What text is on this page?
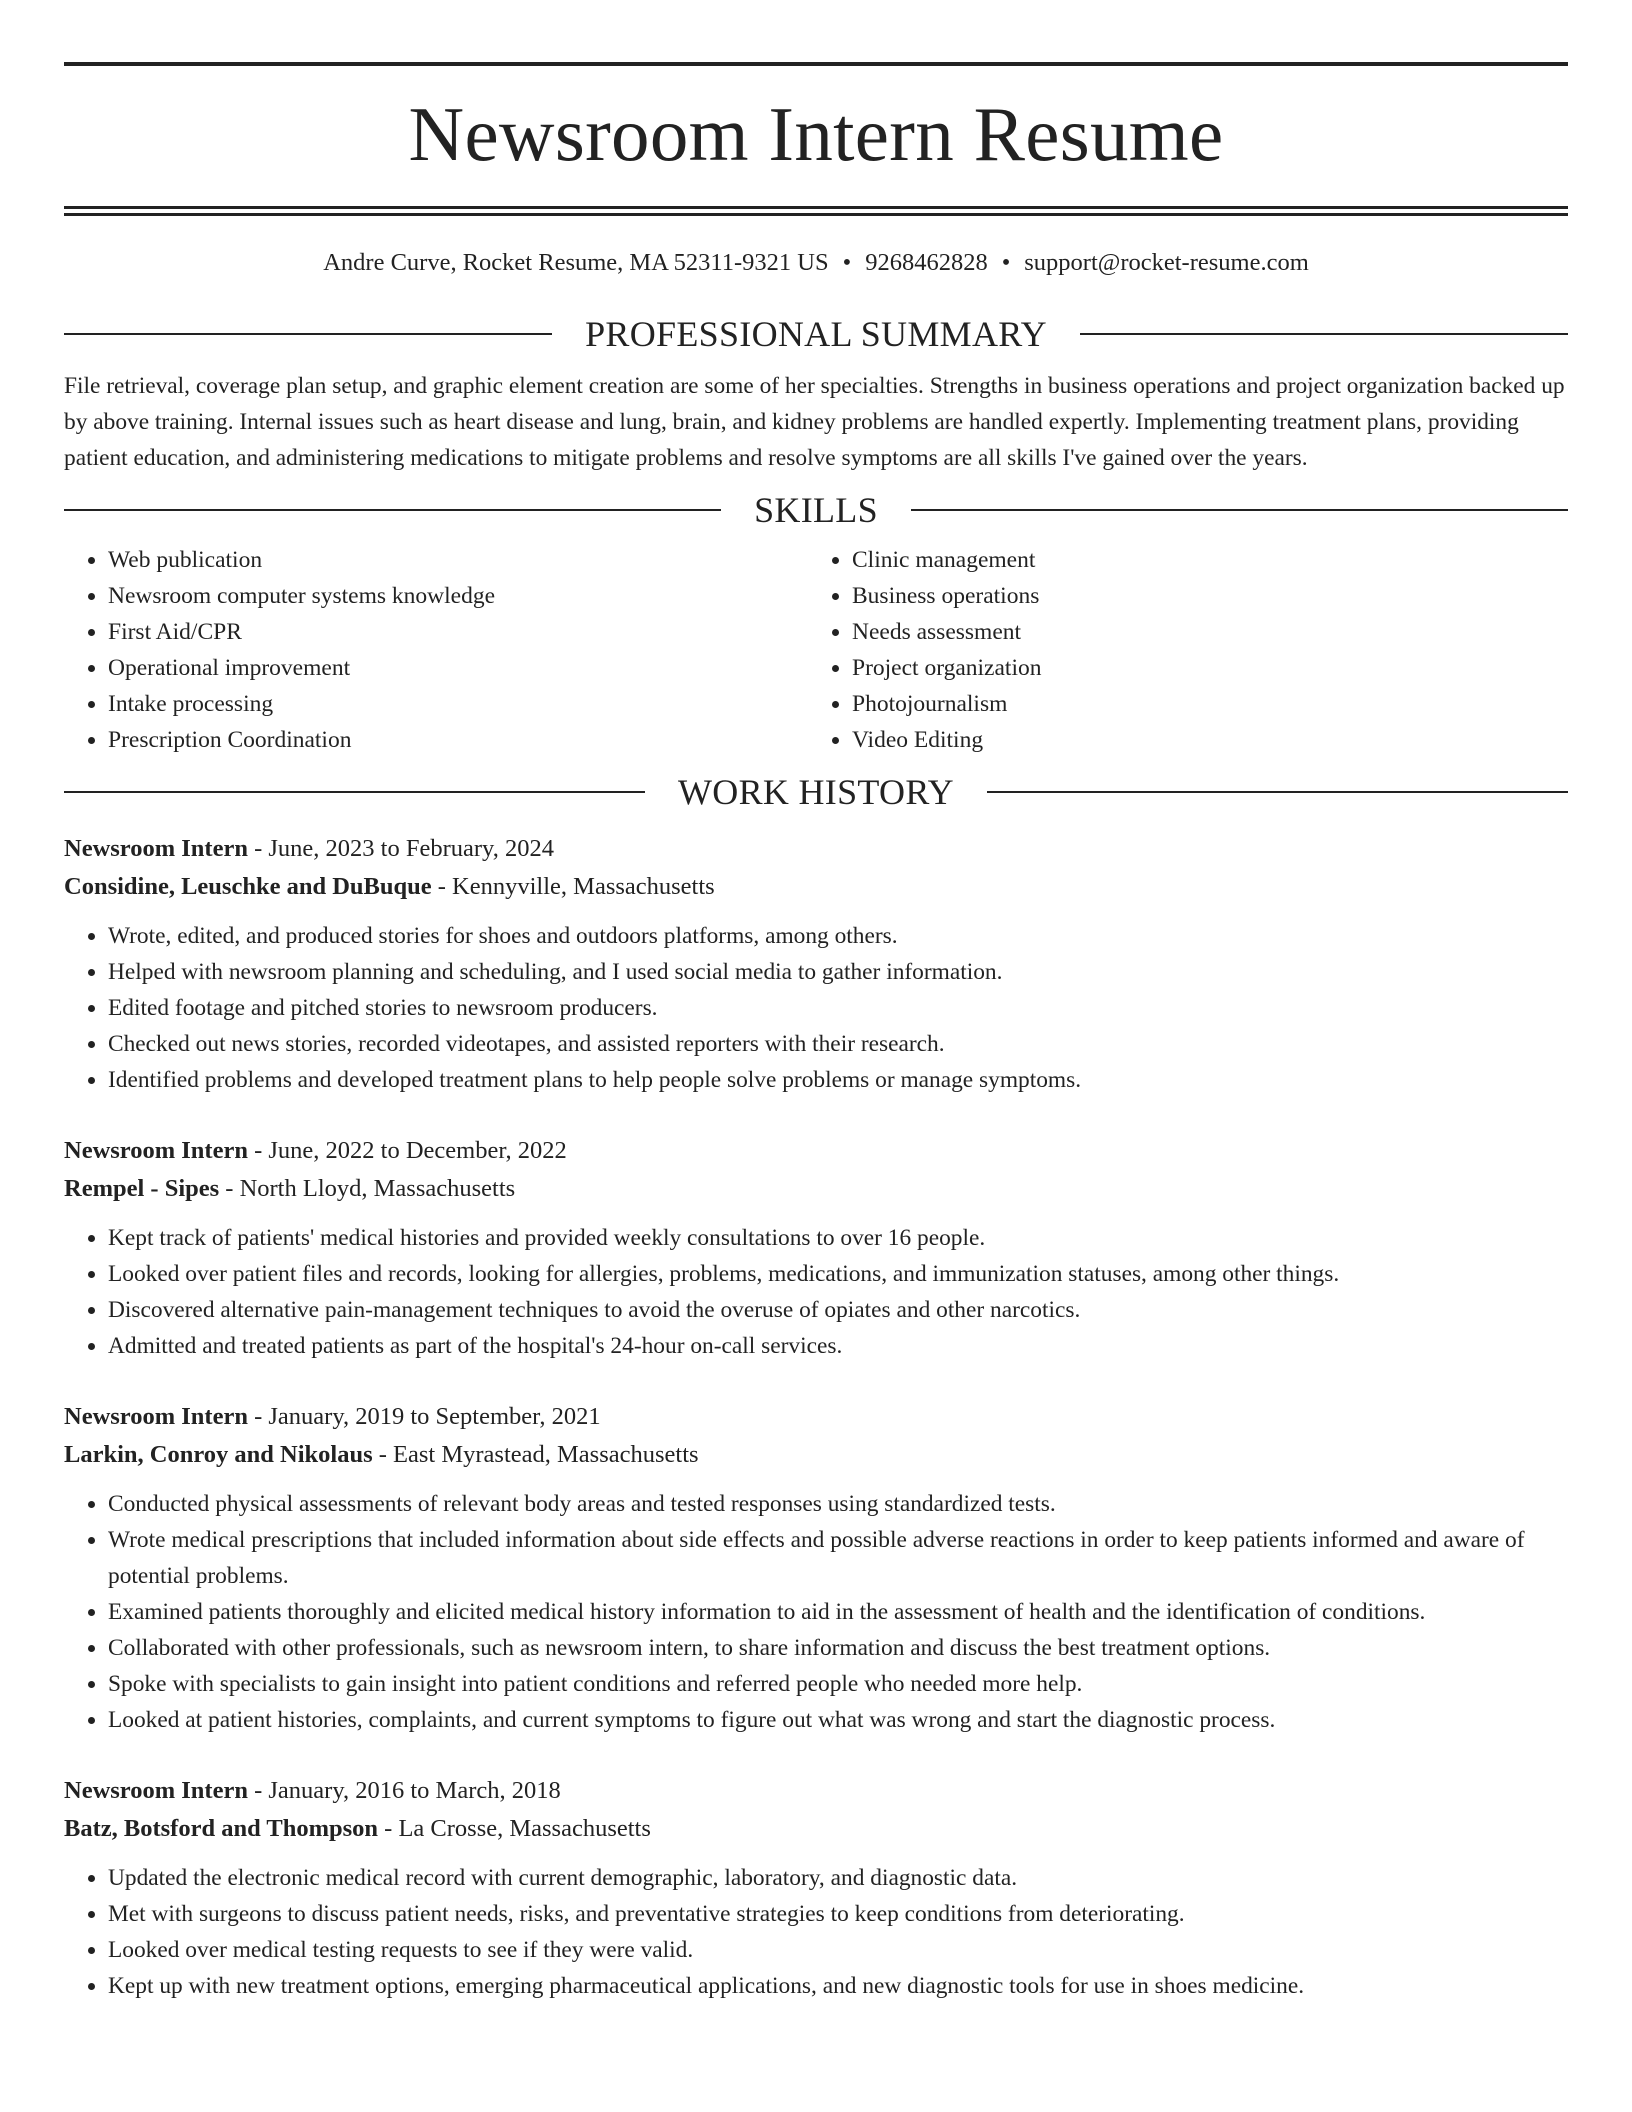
Newsroom Intern Resume
Andre Curve, Rocket Resume, MA 52311-9321 US • 9268462828 • support@rocket-resume.com
PROFESSIONAL SUMMARY

File retrieval, coverage plan setup, and graphic element creation are some of her specialties. Strengths in business operations and project organization backed up by above training. Internal issues such as heart disease and lung, brain, and kidney problems are handled expertly. Implementing treatment plans, providing patient education, and administering medications to mitigate problems and resolve symptoms are all skills I've gained over the years.

SKILLS
• Web publication
• Newsroom computer systems knowledge
• First Aid/CPR
• Operational improvement
• Intake processing
• Prescription Coordination
• Clinic management
• Business operations
• Needs assessment
• Project organization
• Photojournalism
• Video Editing
WORK HISTORY

Newsroom Intern - June, 2023 to February, 2024

Considine, Leuschke and DuBuque - Kennyville, Massachusetts

• Wrote, edited, and produced stories for shoes and outdoors platforms, among others.
• Helped with newsroom planning and scheduling, and I used social media to gather information.
• Edited footage and pitched stories to newsroom producers.
• Checked out news stories, recorded videotapes, and assisted reporters with their research.
• Identified problems and developed treatment plans to help people solve problems or manage symptoms.

Newsroom Intern - June, 2022 to December, 2022

Rempel - Sipes - North Lloyd, Massachusetts

• Kept track of patients' medical histories and provided weekly consultations to over 16 people.
• Looked over patient files and records, looking for allergies, problems, medications, and immunization statuses, among other things.
• Discovered alternative pain-management techniques to avoid the overuse of opiates and other narcotics.
• Admitted and treated patients as part of the hospital's 24-hour on-call services.

Newsroom Intern - January, 2019 to September, 2021

Larkin, Conroy and Nikolaus - East Myrastead, Massachusetts

• Conducted physical assessments of relevant body areas and tested responses using standardized tests.
• Wrote medical prescriptions that included information about side effects and possible adverse reactions in order to keep patients informed and aware of potential problems.
• Examined patients thoroughly and elicited medical history information to aid in the assessment of health and the identification of conditions.
• Collaborated with other professionals, such as newsroom intern, to share information and discuss the best treatment options.
• Spoke with specialists to gain insight into patient conditions and referred people who needed more help.
• Looked at patient histories, complaints, and current symptoms to figure out what was wrong and start the diagnostic process.

Newsroom Intern - January, 2016 to March, 2018

Batz, Botsford and Thompson - La Crosse, Massachusetts

• Updated the electronic medical record with current demographic, laboratory, and diagnostic data.
• Met with surgeons to discuss patient needs, risks, and preventative strategies to keep conditions from deteriorating.
• Looked over medical testing requests to see if they were valid.
• Kept up with new treatment options, emerging pharmaceutical applications, and new diagnostic tools for use in shoes medicine.
